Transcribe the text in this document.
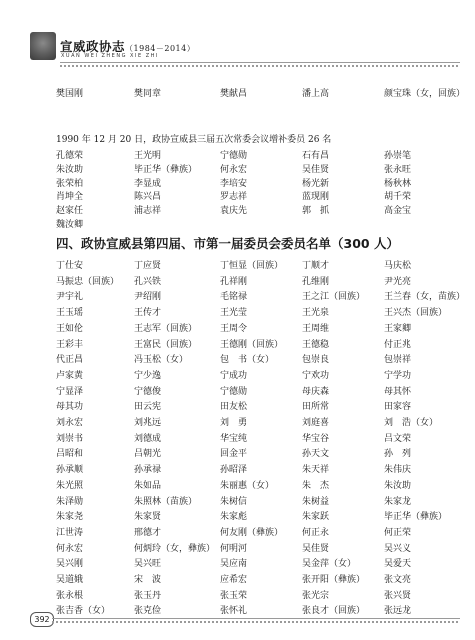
宣威政协志（1984－2014）
XUAN WEI ZHENG XIE ZHI
樊国刚	樊同章	樊献昌	潘上高	颜宝珠（女，回族）
1990 年 12 月 20 日，政协宣威县三届五次常委会议增补委员 26 名
孔德荣	王光明	宁德勋	石有昌	孙崇笔
朱汝助	毕正华（彝族）	何永宏	吴佳贤	张永旺
张荣柏	李显成	李培安	杨光新	杨秋林
肖坤全	陈兴昌	罗志祥	蓝现刚	胡千荣
赵家任	浦志祥	袁庆先	郭　抓	高金宝
魏汝卿
四、政协宣威县第四届、市第一届委员会委员名单（300 人）
丁仕安	丁应贤	丁恒显（回族） 丁顺才	马庆松
马振忠（回族） 孔兴铁	孔祥刚	孔维刚	尹光亮
尹宇礼	尹绍刚	毛铭禄	王之江（回族） 王兰春（女，苗族）
王玉瑶	王传才	王光莹	王光泉	王兴杰（回族）
王如伦	王志军（回族）	王周令	王周维	王家卿
王彩丰	王富民（回族）	王德刚（回族） 王德稳	付正兆
代正昌	冯玉松（女）	包　书（女）	包崇良	包崇祥
卢家黄	宁少逸	宁成功	宁欢功	宁学功
宁显泽	宁德俊	宁德勋	母庆森	母其怀
母其功	田云宪	田友松	田所常	田家容
刘永宏	刘兆远	刘　勇	刘庭喜	刘　浩（女）
刘崇书	刘德成	华宝纯	华宝谷	吕文荣
吕昭和	吕朝光	回金平	孙天文	孙　列
孙承顺	孙承禄	孙昭泽	朱天祥	朱伟庆
朱光照	朱如品	朱丽惠（女）	朱　杰	朱汝助
朱泽勋	朱照林（苗族）	朱树信	朱树益	朱家龙
朱家尧	朱家贤	朱家彪	朱家跃	毕正华（彝族）
江世涛	邢德才	何友刚（彝族） 何正永	何正荣
何永宏	何炳玲（女，彝族） 何明河	吴佳贤	吴兴义
吴兴刚	吴兴旺	吴应南	吴金萍（女）	吴爱天
吴道娥	宋　波	应希宏	张开阳（彝族） 张文亮
张永根	张玉丹	张玉荣	张光宗	张兴贤
张吉香（女）	张克俭	张怀礼	张良才（回族） 张远龙
392
